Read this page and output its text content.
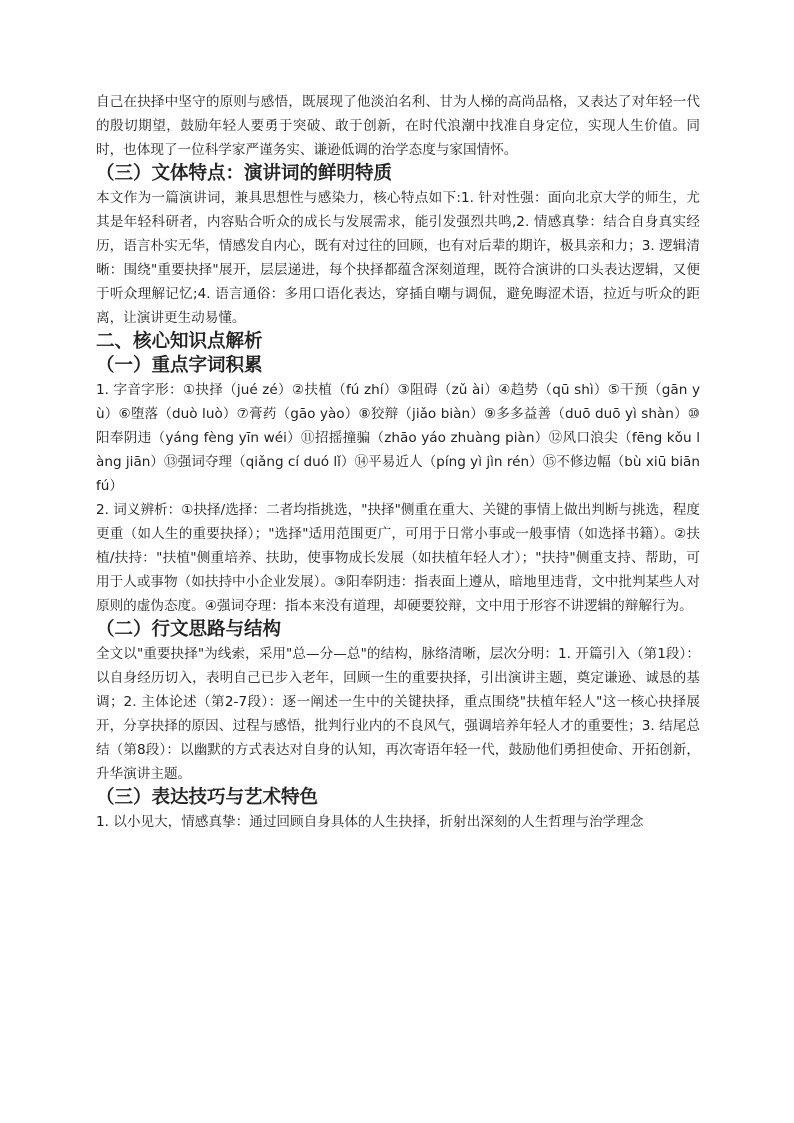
自己在抉择中坚守的原则与感悟，既展现了他淡泊名利、甘为人梯的高尚品格，又表达了对年轻一代的殷切期望，鼓励年轻人要勇于突破、敢于创新，在时代浪潮中找准自身定位，实现人生价值。同时，也体现了一位科学家严谨务实、谦逊低调的治学态度与家国情怀。

（三）文体特点：演讲词的鲜明特质

本文作为一篇演讲词，兼具思想性与感染力，核心特点如下:1. 针对性强：面向北京大学的师生，尤其是年轻科研者，内容贴合听众的成长与发展需求，能引发强烈共鸣,2. 情感真挚：结合自身真实经历，语言朴实无华，情感发自内心，既有对过往的回顾，也有对后辈的期许，极具亲和力；3. 逻辑清晰：围绕"重要抉择"展开，层层递进，每个抉择都蕴含深刻道理，既符合演讲的口头表达逻辑，又便于听众理解记忆;4. 语言通俗：多用口语化表达，穿插自嘲与调侃，避免晦涩术语，拉近与听众的距离，让演讲更生动易懂。

二、核心知识点解析
（一）重点字词积累

1. 字音字形：①抉择（jué zé）②扶植（fú zhí）③阻碍（zǔ ài）④趋势（qū shì）⑤干预（gān yù）⑥堕落（duò luò）⑦膏药（gāo yào）⑧狡辩（jiǎo biàn）⑨多多益善（duō duō yì shàn）⑩阳奉阴违（yáng fèng yīn wéi）⑪招摇撞骗（zhāo yáo zhuàng piàn）⑫风口浪尖（fēng kǒu làng jiān）⑬强词夺理（qiǎng cí duó lǐ）⑭平易近人（píng yì jìn rén）⑮不修边幅（bù xiū biān fú）

2. 词义辨析：①抉择/选择：二者均指挑选，"抉择"侧重在重大、关键的事情上做出判断与挑选，程度更重（如人生的重要抉择）；"选择"适用范围更广，可用于日常小事或一般事情（如选择书籍）。②扶植/扶持："扶植"侧重培养、扶助，使事物成长发展（如扶植年轻人才）；"扶持"侧重支持、帮助，可用于人或事物（如扶持中小企业发展）。③阳奉阴违：指表面上遵从，暗地里违背，文中批判某些人对原则的虚伪态度。④强词夺理：指本来没有道理，却硬要狡辩，文中用于形容不讲逻辑的辩解行为。

（二）行文思路与结构

全文以"重要抉择"为线索，采用"总—分—总"的结构，脉络清晰，层次分明：1. 开篇引入（第1段）：以自身经历切入，表明自己已步入老年，回顾一生的重要抉择，引出演讲主题，奠定谦逊、诚恳的基调；2. 主体论述（第2-7段）：逐一阐述一生中的关键抉择，重点围绕"扶植年轻人"这一核心抉择展开，分享抉择的原因、过程与感悟，批判行业内的不良风气，强调培养年轻人才的重要性；3. 结尾总结（第8段）：以幽默的方式表达对自身的认知，再次寄语年轻一代，鼓励他们勇担使命、开拓创新，升华演讲主题。

（三）表达技巧与艺术特色

1. 以小见大，情感真挚：通过回顾自身具体的人生抉择，折射出深刻的人生哲理与治学理念
